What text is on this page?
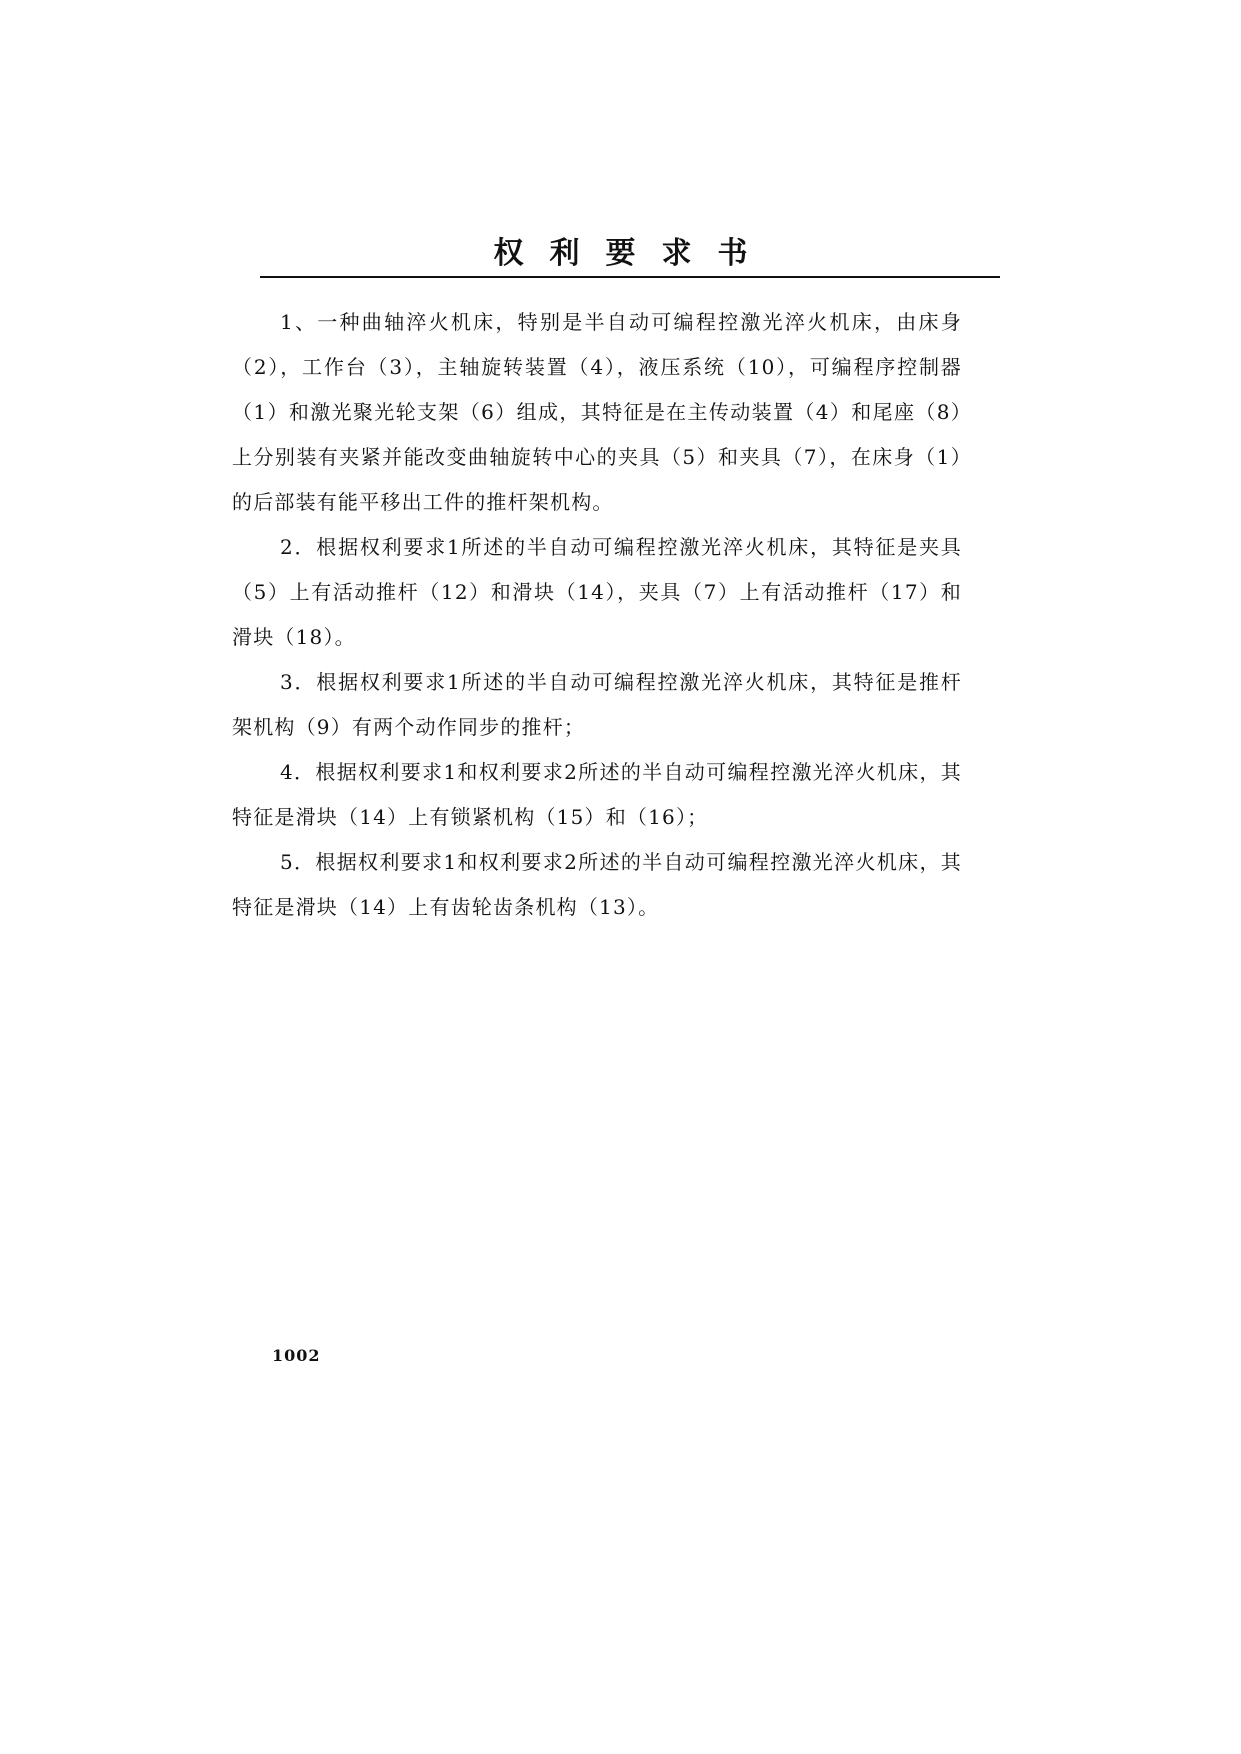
权利要求书

1、一种曲轴淬火机床，特别是半自动可编程控激光淬火机床，由床身（2），工作台（3），主轴旋转装置（4），液压系统（10），可编程序控制器（1）和激光聚光轮支架（6）组成，其特征是在主传动装置（4）和尾座（8）上分别装有夹紧并能改变曲轴旋转中心的夹具（5）和夹具（7），在床身（1）的后部装有能平移出工件的推杆架机构。

2．根据权利要求1所述的半自动可编程控激光淬火机床，其特征是夹具（5）上有活动推杆（12）和滑块（14），夹具（7）上有活动推杆（17）和滑块（18）。

3．根据权利要求1所述的半自动可编程控激光淬火机床，其特征是推杆架机构（9）有两个动作同步的推杆；

4．根据权利要求1和权利要求2所述的半自动可编程控激光淬火机床，其特征是滑块（14）上有锁紧机构（15）和（16）；

5．根据权利要求1和权利要求2所述的半自动可编程控激光淬火机床，其特征是滑块（14）上有齿轮齿条机构（13）。

1002
